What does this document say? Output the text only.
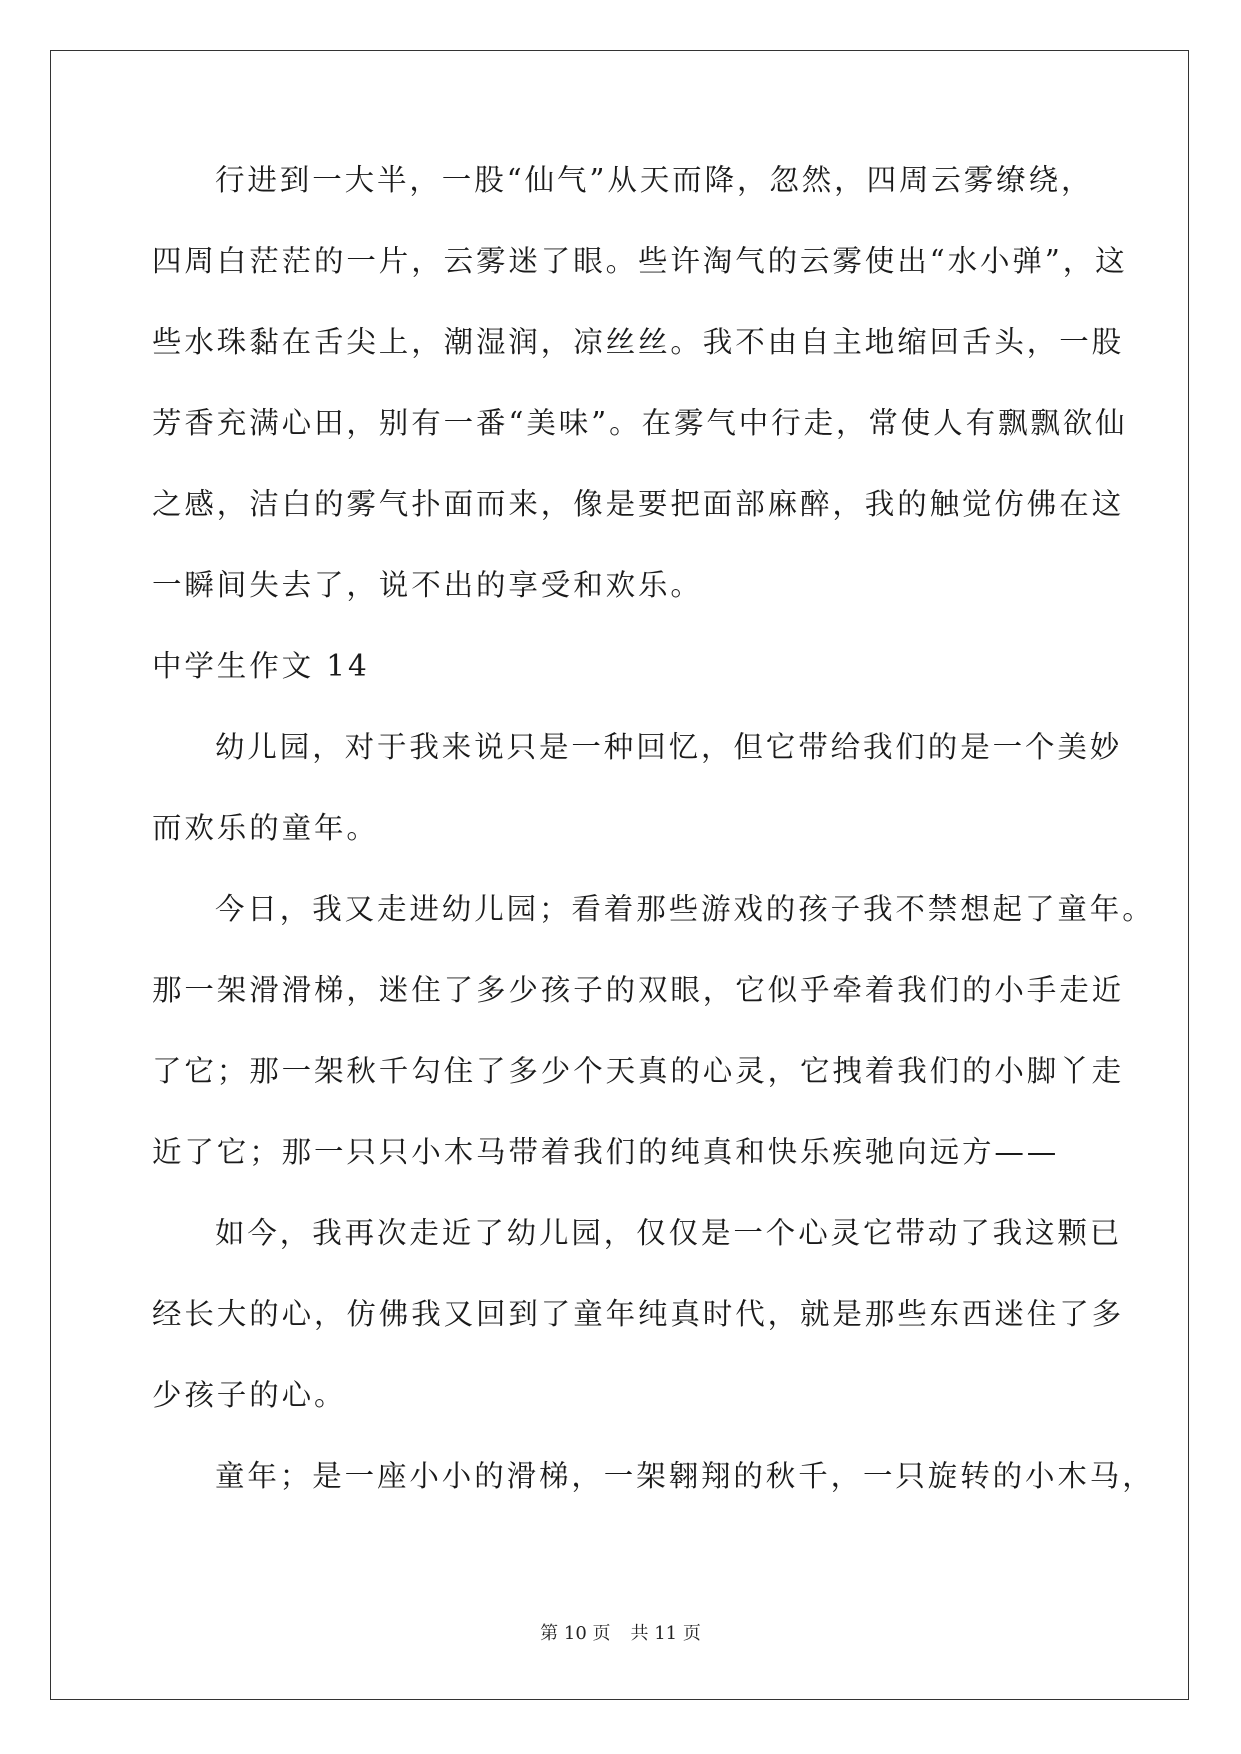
行进到一大半，一股“仙气”从天而降，忽然，四周云雾缭绕，
四周白茫茫的一片，云雾迷了眼。些许淘气的云雾使出“水小弹”，这
些水珠黏在舌尖上，潮湿润，凉丝丝。我不由自主地缩回舌头，一股
芳香充满心田，别有一番“美味”。在雾气中行走，常使人有飘飘欲仙
之感，洁白的雾气扑面而来，像是要把面部麻醉，我的触觉仿佛在这
一瞬间失去了，说不出的享受和欢乐。
中学生作文 14
幼儿园，对于我来说只是一种回忆，但它带给我们的是一个美妙
而欢乐的童年。
今日，我又走进幼儿园；看着那些游戏的孩子我不禁想起了童年。
那一架滑滑梯，迷住了多少孩子的双眼，它似乎牵着我们的小手走近
了它；那一架秋千勾住了多少个天真的心灵，它拽着我们的小脚丫走
近了它；那一只只小木马带着我们的纯真和快乐疾驰向远方——
如今，我再次走近了幼儿园，仅仅是一个心灵它带动了我这颗已
经长大的心，仿佛我又回到了童年纯真时代，就是那些东西迷住了多
少孩子的心。
童年；是一座小小的滑梯，一架翱翔的秋千，一只旋转的小木马，
第 10 页 共 11 页
